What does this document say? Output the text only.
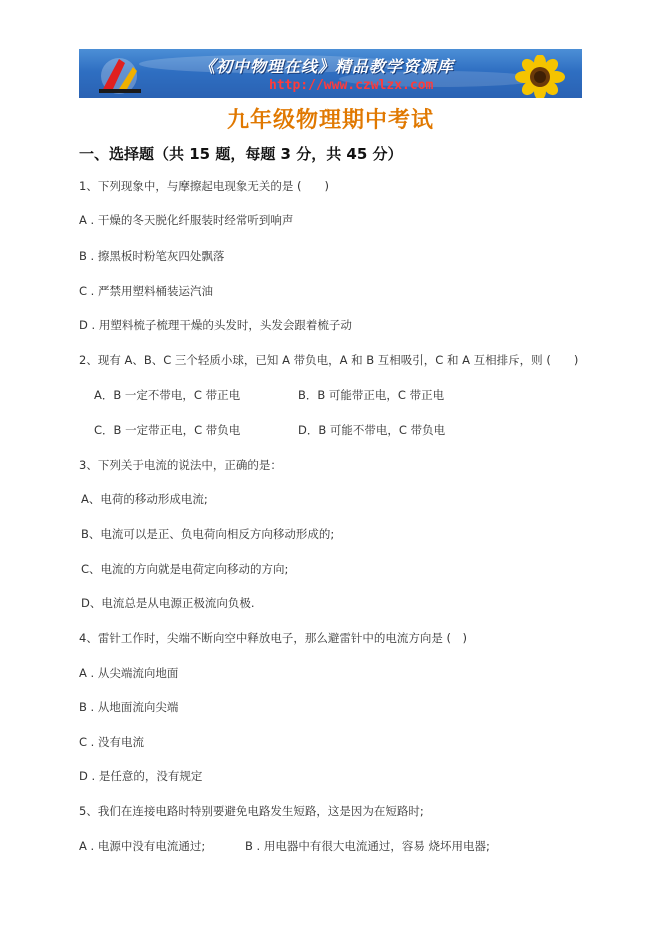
《初中物理在线》精品教学资源库
http://www.czwlzx.com
九年级物理期中考试
一、选择题（共 15 题，每题 3 分，共 45 分）
1、下列现象中，与摩擦起电现象无关的是 (　　)
A . 干燥的冬天脱化纤服装时经常听到响声
B . 擦黑板时粉笔灰四处飘落
C . 严禁用塑料桶装运汽油
D . 用塑料梳子梳理干燥的头发时，头发会跟着梳子动
2、现有 A、B、C 三个轻质小球，已知 A 带负电，A 和 B 互相吸引，C 和 A 互相排斥，则 (　　)
A．B 一定不带电，C 带正电	B．B 可能带正电，C 带正电
C．B 一定带正电，C 带负电	D．B 可能不带电，C 带负电
3、下列关于电流的说法中，正确的是：
A、电荷的移动形成电流;
B、电流可以是正、负电荷向相反方向移动形成的;
C、电流的方向就是电荷定向移动的方向;
D、电流总是从电源正极流向负极.
4、雷针工作时，尖端不断向空中释放电子，那么避雷针中的电流方向是 (　)
A . 从尖端流向地面
B . 从地面流向尖端
C . 没有电流
D . 是任意的，没有规定
5、我们在连接电路时特别要避免电路发生短路，这是因为在短路时;
A . 电源中没有电流通过;	B . 用电器中有很大电流通过，容易 烧坏用电器;
